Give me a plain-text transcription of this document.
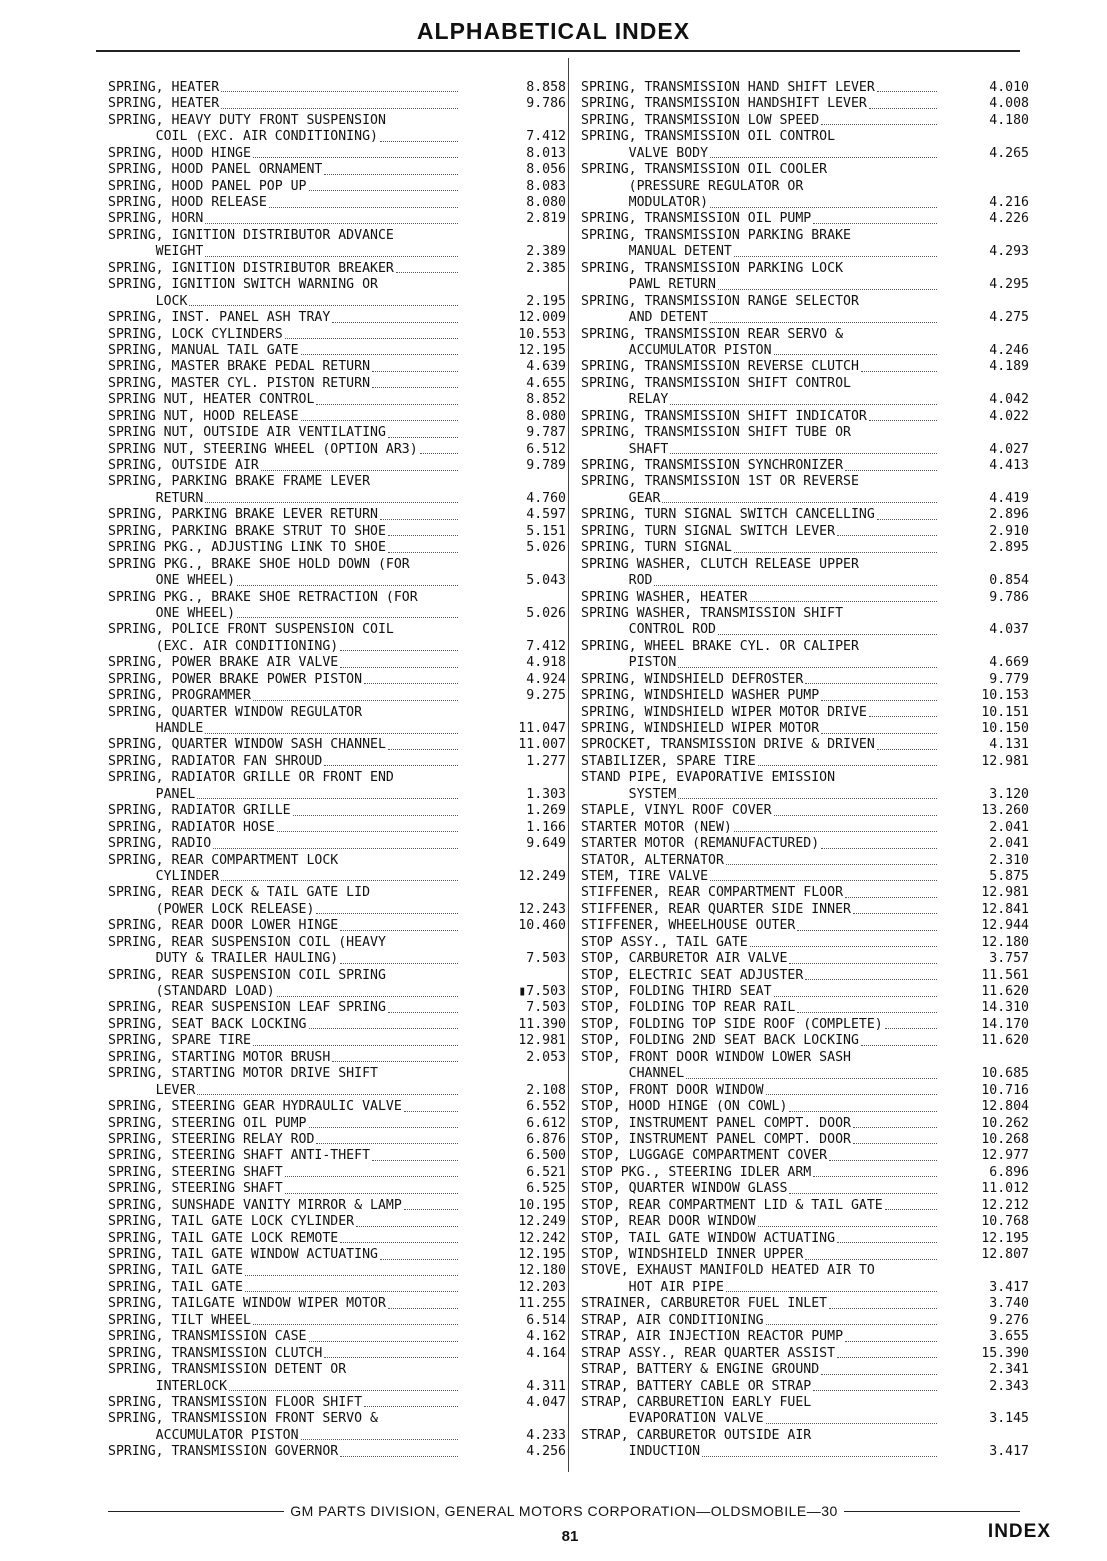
ALPHABETICAL INDEX
SPRING, HEATER	8.858
SPRING, HEATER	9.786
SPRING, HEAVY DUTY FRONT SUSPENSION
COIL (EXC. AIR CONDITIONING)	7.412
SPRING, HOOD HINGE	8.013
SPRING, HOOD PANEL ORNAMENT	8.056
SPRING, HOOD PANEL POP UP	8.083
SPRING, HOOD RELEASE	8.080
SPRING, HORN	2.819
SPRING, IGNITION DISTRIBUTOR ADVANCE
WEIGHT	2.389
SPRING, IGNITION DISTRIBUTOR BREAKER	2.385
SPRING, IGNITION SWITCH WARNING OR
LOCK	2.195
SPRING, INST. PANEL ASH TRAY	12.009
SPRING, LOCK CYLINDERS	10.553
SPRING, MANUAL TAIL GATE	12.195
SPRING, MASTER BRAKE PEDAL RETURN	4.639
SPRING, MASTER CYL. PISTON RETURN	4.655
SPRING NUT, HEATER CONTROL	8.852
SPRING NUT, HOOD RELEASE	8.080
SPRING NUT, OUTSIDE AIR VENTILATING	9.787
SPRING NUT, STEERING WHEEL (OPTION AR3)	6.512
SPRING, OUTSIDE AIR	9.789
SPRING, PARKING BRAKE FRAME LEVER
RETURN	4.760
SPRING, PARKING BRAKE LEVER RETURN	4.597
SPRING, PARKING BRAKE STRUT TO SHOE	5.151
SPRING PKG., ADJUSTING LINK TO SHOE	5.026
SPRING PKG., BRAKE SHOE HOLD DOWN (FOR
ONE WHEEL)	5.043
SPRING PKG., BRAKE SHOE RETRACTION (FOR
ONE WHEEL)	5.026
SPRING, POLICE FRONT SUSPENSION COIL
(EXC. AIR CONDITIONING)	7.412
SPRING, POWER BRAKE AIR VALVE	4.918
SPRING, POWER BRAKE POWER PISTON	4.924
SPRING, PROGRAMMER	9.275
SPRING, QUARTER WINDOW REGULATOR
HANDLE	11.047
SPRING, QUARTER WINDOW SASH CHANNEL	11.007
SPRING, RADIATOR FAN SHROUD	1.277
SPRING, RADIATOR GRILLE OR FRONT END
PANEL	1.303
SPRING, RADIATOR GRILLE	1.269
SPRING, RADIATOR HOSE	1.166
SPRING, RADIO	9.649
SPRING, REAR COMPARTMENT LOCK
CYLINDER	12.249
SPRING, REAR DECK & TAIL GATE LID
(POWER LOCK RELEASE)	12.243
SPRING, REAR DOOR LOWER HINGE	10.460
SPRING, REAR SUSPENSION COIL (HEAVY
DUTY & TRAILER HAULING)	7.503
SPRING, REAR SUSPENSION COIL SPRING
(STANDARD LOAD)	▮7.503
SPRING, REAR SUSPENSION LEAF SPRING	7.503
SPRING, SEAT BACK LOCKING	11.390
SPRING, SPARE TIRE	12.981
SPRING, STARTING MOTOR BRUSH	2.053
SPRING, STARTING MOTOR DRIVE SHIFT
LEVER	2.108
SPRING, STEERING GEAR HYDRAULIC VALVE	6.552
SPRING, STEERING OIL PUMP	6.612
SPRING, STEERING RELAY ROD	6.876
SPRING, STEERING SHAFT ANTI-THEFT	6.500
SPRING, STEERING SHAFT	6.521
SPRING, STEERING SHAFT	6.525
SPRING, SUNSHADE VANITY MIRROR & LAMP	10.195
SPRING, TAIL GATE LOCK CYLINDER	12.249
SPRING, TAIL GATE LOCK REMOTE	12.242
SPRING, TAIL GATE WINDOW ACTUATING	12.195
SPRING, TAIL GATE	12.180
SPRING, TAIL GATE	12.203
SPRING, TAILGATE WINDOW WIPER MOTOR	11.255
SPRING, TILT WHEEL	6.514
SPRING, TRANSMISSION CASE	4.162
SPRING, TRANSMISSION CLUTCH	4.164
SPRING, TRANSMISSION DETENT OR
INTERLOCK	4.311
SPRING, TRANSMISSION FLOOR SHIFT	4.047
SPRING, TRANSMISSION FRONT SERVO &
ACCUMULATOR PISTON	4.233
SPRING, TRANSMISSION GOVERNOR	4.256
SPRING, TRANSMISSION HAND SHIFT LEVER	4.010
SPRING, TRANSMISSION HANDSHIFT LEVER	4.008
SPRING, TRANSMISSION LOW SPEED	4.180
SPRING, TRANSMISSION OIL CONTROL
VALVE BODY	4.265
SPRING, TRANSMISSION OIL COOLER
(PRESSURE REGULATOR OR
MODULATOR)	4.216
SPRING, TRANSMISSION OIL PUMP	4.226
SPRING, TRANSMISSION PARKING BRAKE
MANUAL DETENT	4.293
SPRING, TRANSMISSION PARKING LOCK
PAWL RETURN	4.295
SPRING, TRANSMISSION RANGE SELECTOR
AND DETENT	4.275
SPRING, TRANSMISSION REAR SERVO &
ACCUMULATOR PISTON	4.246
SPRING, TRANSMISSION REVERSE CLUTCH	4.189
SPRING, TRANSMISSION SHIFT CONTROL
RELAY	4.042
SPRING, TRANSMISSION SHIFT INDICATOR	4.022
SPRING, TRANSMISSION SHIFT TUBE OR
SHAFT	4.027
SPRING, TRANSMISSION SYNCHRONIZER	4.413
SPRING, TRANSMISSION 1ST OR REVERSE
GEAR	4.419
SPRING, TURN SIGNAL SWITCH CANCELLING	2.896
SPRING, TURN SIGNAL SWITCH LEVER	2.910
SPRING, TURN SIGNAL	2.895
SPRING WASHER, CLUTCH RELEASE UPPER
ROD	0.854
SPRING WASHER, HEATER	9.786
SPRING WASHER, TRANSMISSION SHIFT
CONTROL ROD	4.037
SPRING, WHEEL BRAKE CYL. OR CALIPER
PISTON	4.669
SPRING, WINDSHIELD DEFROSTER	9.779
SPRING, WINDSHIELD WASHER PUMP	10.153
SPRING, WINDSHIELD WIPER MOTOR DRIVE	10.151
SPRING, WINDSHIELD WIPER MOTOR	10.150
SPROCKET, TRANSMISSION DRIVE & DRIVEN	4.131
STABILIZER, SPARE TIRE	12.981
STAND PIPE, EVAPORATIVE EMISSION
SYSTEM	3.120
STAPLE, VINYL ROOF COVER	13.260
STARTER MOTOR (NEW)	2.041
STARTER MOTOR (REMANUFACTURED)	2.041
STATOR, ALTERNATOR	2.310
STEM, TIRE VALVE	5.875
STIFFENER, REAR COMPARTMENT FLOOR	12.981
STIFFENER, REAR QUARTER SIDE INNER	12.841
STIFFENER, WHEELHOUSE OUTER	12.944
STOP ASSY., TAIL GATE	12.180
STOP, CARBURETOR AIR VALVE	3.757
STOP, ELECTRIC SEAT ADJUSTER	11.561
STOP, FOLDING THIRD SEAT	11.620
STOP, FOLDING TOP REAR RAIL	14.310
STOP, FOLDING TOP SIDE ROOF (COMPLETE)	14.170
STOP, FOLDING 2ND SEAT BACK LOCKING	11.620
STOP, FRONT DOOR WINDOW LOWER SASH
CHANNEL	10.685
STOP, FRONT DOOR WINDOW	10.716
STOP, HOOD HINGE (ON COWL)	12.804
STOP, INSTRUMENT PANEL COMPT. DOOR	10.262
STOP, INSTRUMENT PANEL COMPT. DOOR	10.268
STOP, LUGGAGE COMPARTMENT COVER	12.977
STOP PKG., STEERING IDLER ARM	6.896
STOP, QUARTER WINDOW GLASS	11.012
STOP, REAR COMPARTMENT LID & TAIL GATE	12.212
STOP, REAR DOOR WINDOW	10.768
STOP, TAIL GATE WINDOW ACTUATING	12.195
STOP, WINDSHIELD INNER UPPER	12.807
STOVE, EXHAUST MANIFOLD HEATED AIR TO
HOT AIR PIPE	3.417
STRAINER, CARBURETOR FUEL INLET	3.740
STRAP, AIR CONDITIONING	9.276
STRAP, AIR INJECTION REACTOR PUMP	3.655
STRAP ASSY., REAR QUARTER ASSIST	15.390
STRAP, BATTERY & ENGINE GROUND	2.341
STRAP, BATTERY CABLE OR STRAP	2.343
STRAP, CARBURETION EARLY FUEL
EVAPORATION VALVE	3.145
STRAP, CARBURETOR OUTSIDE AIR
INDUCTION	3.417
GM PARTS DIVISION, GENERAL MOTORS CORPORATION—OLDSMOBILE—30
81	INDEX
